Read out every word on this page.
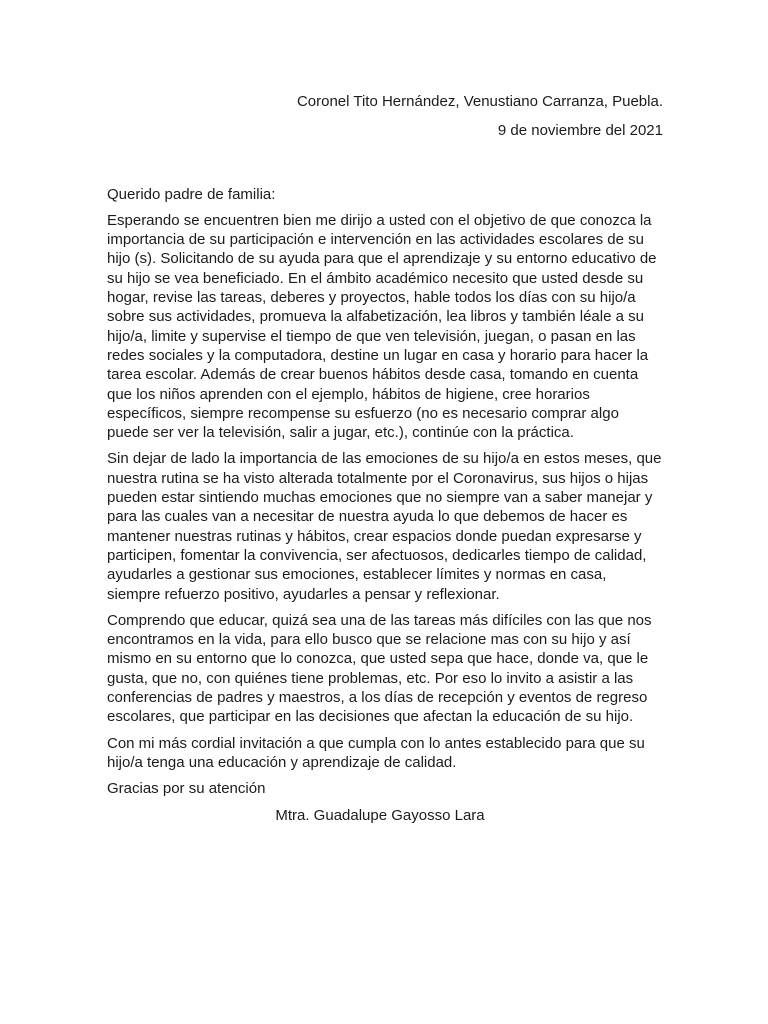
Coronel Tito Hernández, Venustiano Carranza, Puebla.

9 de noviembre del 2021

Querido padre de familia:

Esperando se encuentren bien me dirijo a usted con el objetivo de que conozca la importancia de su participación e intervención en las actividades escolares de su hijo (s). Solicitando de su ayuda para que el aprendizaje y su entorno educativo de su hijo se vea beneficiado. En el ámbito académico necesito que usted desde su hogar, revise las tareas, deberes y proyectos, hable todos los días con su hijo/a sobre sus actividades, promueva la alfabetización, lea libros y también léale a su hijo/a, limite y supervise el tiempo de que ven televisión, juegan, o pasan en las redes sociales y la computadora, destine un lugar en casa y horario para hacer la tarea escolar. Además de crear buenos hábitos desde casa, tomando en cuenta que los niños aprenden con el ejemplo, hábitos de higiene, cree horarios específicos, siempre recompense su esfuerzo (no es necesario comprar algo puede ser ver la televisión, salir a jugar, etc.), continúe con la práctica.

Sin dejar de lado la importancia de las emociones de su hijo/a en estos meses, que nuestra rutina se ha visto alterada totalmente por el Coronavirus, sus hijos o hijas pueden estar sintiendo muchas emociones que no siempre van a saber manejar y para las cuales van a necesitar de nuestra ayuda lo que debemos de hacer es mantener nuestras rutinas y hábitos, crear espacios donde puedan expresarse y participen, fomentar la convivencia, ser afectuosos, dedicarles tiempo de calidad, ayudarles a gestionar sus emociones, establecer límites y normas en casa, siempre refuerzo positivo, ayudarles a pensar y reflexionar.

Comprendo que educar, quizá sea una de las tareas más difíciles con las que nos encontramos en la vida, para ello busco que se relacione mas con su hijo y así mismo en su entorno que lo conozca, que usted sepa que hace, donde va, que le gusta, que no, con quiénes tiene problemas, etc. Por eso lo invito a asistir a las conferencias de padres y maestros, a los días de recepción y eventos de regreso escolares, que participar en las decisiones que afectan la educación de su hijo.

Con mi más cordial invitación a que cumpla con lo antes establecido para que su hijo/a tenga una educación y aprendizaje de calidad.

Gracias por su atención

Mtra. Guadalupe Gayosso Lara
